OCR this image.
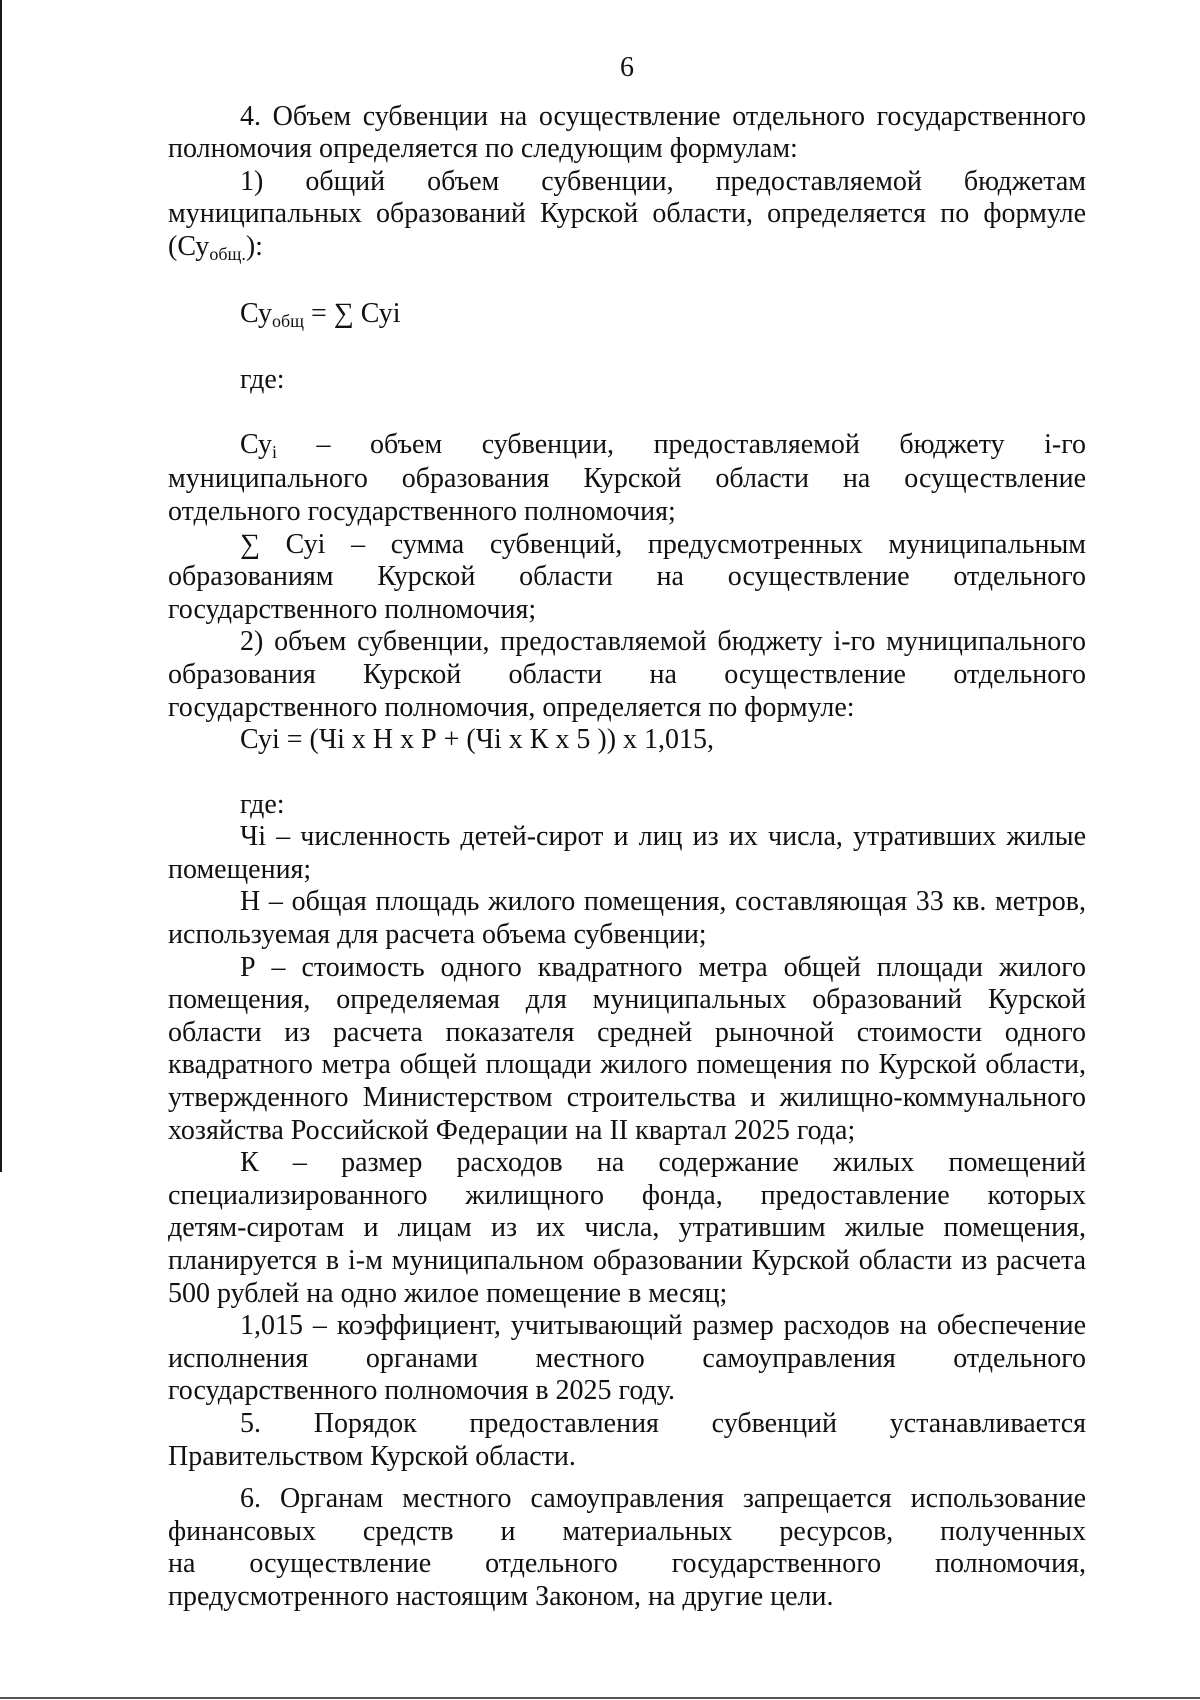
6

4. Объем субвенции на осуществление отдельного государственного

полномочия определяется по следующим формулам:

1) общий объем субвенции, предоставляемой бюджетам

муниципальных образований Курской области, определяется по формуле

$(Су_{общ.})$:

$Су_{общ}$ = ∑ Суi

где:

$Су_i$ – объем субвенции, предоставляемой бюджету i-го

муниципального образования Курской области на осуществление

отдельного государственного полномочия;

∑ Суi – сумма субвенций, предусмотренных муниципальным

образованиям Курской области на осуществление отдельного

государственного полномочия;

2) объем субвенции, предоставляемой бюджету i-го муниципального

образования Курской области на осуществление отдельного

государственного полномочия, определяется по формуле:

Суi = (Чi x Н x Р + (Чi x К x 5 )) x 1,015,

где:

Чi – численность детей-сирот и лиц из их числа, утративших жилые

помещения;

Н – общая площадь жилого помещения, составляющая 33 кв. метров,

используемая для расчета объема субвенции;

Р – стоимость одного квадратного метра общей площади жилого

помещения, определяемая для муниципальных образований Курской

области из расчета показателя средней рыночной стоимости одного

квадратного метра общей площади жилого помещения по Курской области,

утвержденного Министерством строительства и жилищно-коммунального

хозяйства Российской Федерации на II квартал 2025 года;

К – размер расходов на содержание жилых помещений

специализированного жилищного фонда, предоставление которых

детям-сиротам и лицам из их числа, утратившим жилые помещения,

планируется в i-м муниципальном образовании Курской области из расчета

500 рублей на одно жилое помещение в месяц;

1,015 – коэффициент, учитывающий размер расходов на обеспечение

исполнения органами местного самоуправления отдельного

государственного полномочия в 2025 году.

5. Порядок предоставления субвенций устанавливается

Правительством Курской области.

6. Органам местного самоуправления запрещается использование

финансовых средств и материальных ресурсов, полученных

на осуществление отдельного государственного полномочия,

предусмотренного настоящим Законом, на другие цели.
